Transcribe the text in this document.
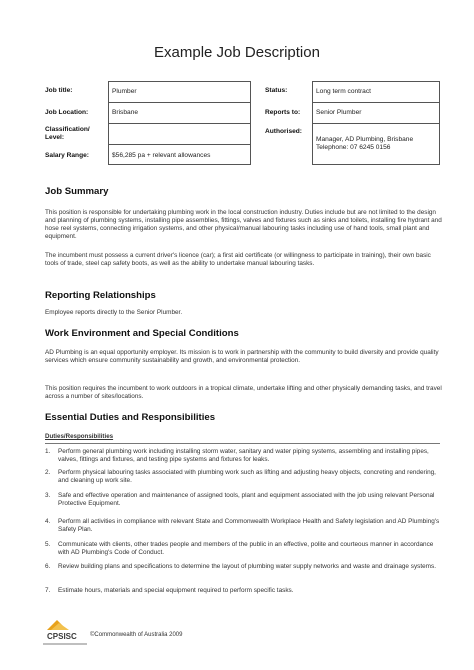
Example Job Description
Job title:	Plumber
Job Location:	Brisbane
Classification/
Level:
Salary Range:	$56,285 pa + relevant allowances
Status:	Long term contract
Reports to:	Senior Plumber
Authorised:
Manager, AD Plumbing, Brisbane
Telephone: 07 6245 0156
Job Summary
This position is responsible for undertaking plumbing work in the local construction industry. Duties include but are not limited to the design and planning of plumbing systems, installing pipe assemblies, fittings, valves and fixtures such as sinks and toilets, installing fire hydrant and hose reel systems, connecting irrigation systems, and other physical/manual labouring tasks including use of hand tools, small plant and equipment.
The incumbent must possess a current driver's licence (car); a first aid certificate (or willingness to participate in training), their own basic tools of trade, steel cap safety boots, as well as the ability to undertake manual labouring tasks.
Reporting Relationships
Employee reports directly to the Senior Plumber.
Work Environment and Special Conditions
AD Plumbing is an equal opportunity employer. Its mission is to work in partnership with the community to build diversity and provide quality services which ensure community sustainability and growth, and environmental protection.
This position requires the incumbent to work outdoors in a tropical climate, undertake lifting and other physically demanding tasks, and travel across a number of sites/locations.
Essential Duties and Responsibilities
Duties/Responsibilities
1.	Perform general plumbing work including installing storm water, sanitary and water piping systems, assembling and installing pipes, valves, fittings and fixtures, and testing pipe systems and fixtures for leaks.
2.	Perform physical labouring tasks associated with plumbing work such as lifting and adjusting heavy objects, concreting and rendering, and cleaning up work site.
3.	Safe and effective operation and maintenance of assigned tools, plant and equipment associated with the job using relevant Personal Protective Equipment.
4.	Perform all activities in compliance with relevant State and Commonwealth Workplace Health and Safety legislation and AD Plumbing's Safety Plan.
5.	Communicate with clients, other trades people and members of the public in an effective, polite and courteous manner in accordance with AD Plumbing's Code of Conduct.
6.	Review building plans and specifications to determine the layout of plumbing water supply networks and waste and drainage systems.
7.	Estimate hours, materials and special equipment required to perform specific tasks.
CPSISC ©Commonwealth of Australia 2009
